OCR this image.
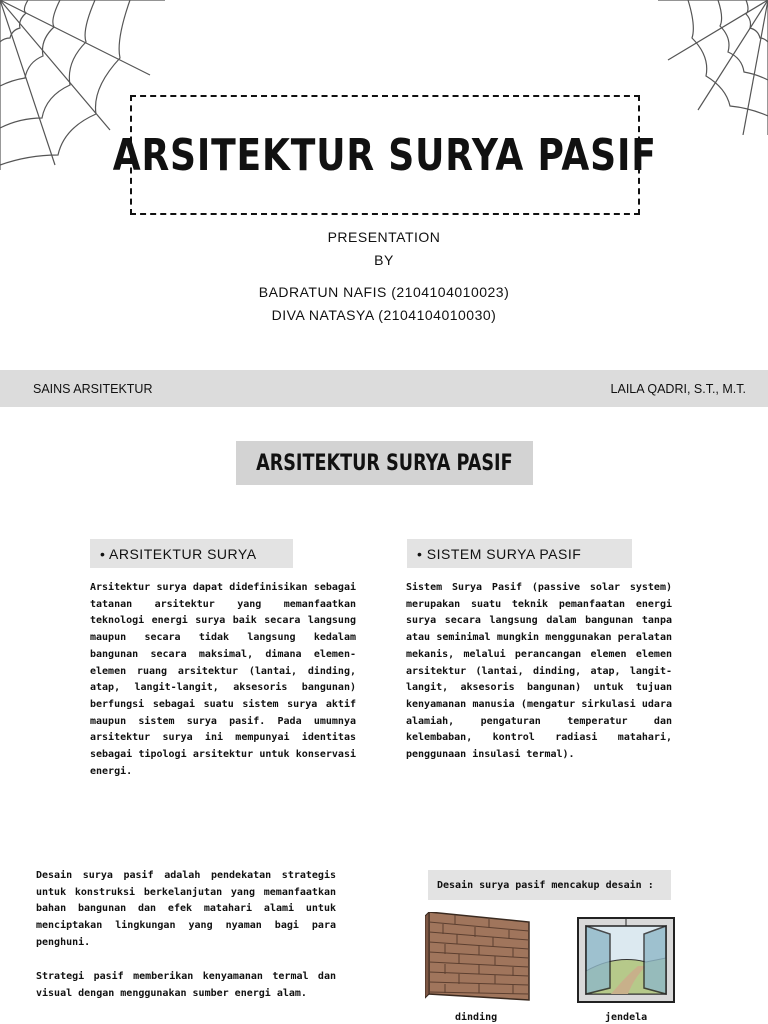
ARSITEKTUR SURYA PASIF
PRESENTATION
BY
BADRATUN NAFIS (2104104010023)
DIVA NATASYA (2104104010030)
SAINS ARSITEKTUR	LAILA QADRI, S.T., M.T.
ARSITEKTUR SURYA PASIF
• ARSITEKTUR SURYA
Arsitektur surya dapat didefinisikan sebagai tatanan arsitektur yang memanfaatkan teknologi energi surya baik secara langsung maupun secara tidak langsung kedalam bangunan secara maksimal, dimana elemen-elemen ruang arsitektur (lantai, dinding, atap, langit-langit, aksesoris bangunan) berfungsi sebagai suatu sistem surya aktif maupun sistem surya pasif. Pada umumnya arsitektur surya ini mempunyai identitas sebagai tipologi arsitektur untuk konservasi energi.
• SISTEM SURYA PASIF
Sistem Surya Pasif (passive solar system) merupakan suatu teknik pemanfaatan energi surya secara langsung dalam bangunan tanpa atau seminimal mungkin menggunakan peralatan mekanis, melalui perancangan elemen elemen arsitektur (lantai, dinding, atap, langit-langit, aksesoris bangunan) untuk tujuan kenyamanan manusia (mengatur sirkulasi udara alamiah, pengaturan temperatur dan kelembaban, kontrol radiasi matahari, penggunaan insulasi termal).
Desain surya pasif adalah pendekatan strategis untuk konstruksi berkelanjutan yang memanfaatkan bahan bangunan dan efek matahari alami untuk menciptakan lingkungan yang nyaman bagi para penghuni.
Strategi pasif memberikan kenyamanan termal dan visual dengan menggunakan sumber energi alam.
Desain surya pasif mencakup desain :
dinding	jendela
